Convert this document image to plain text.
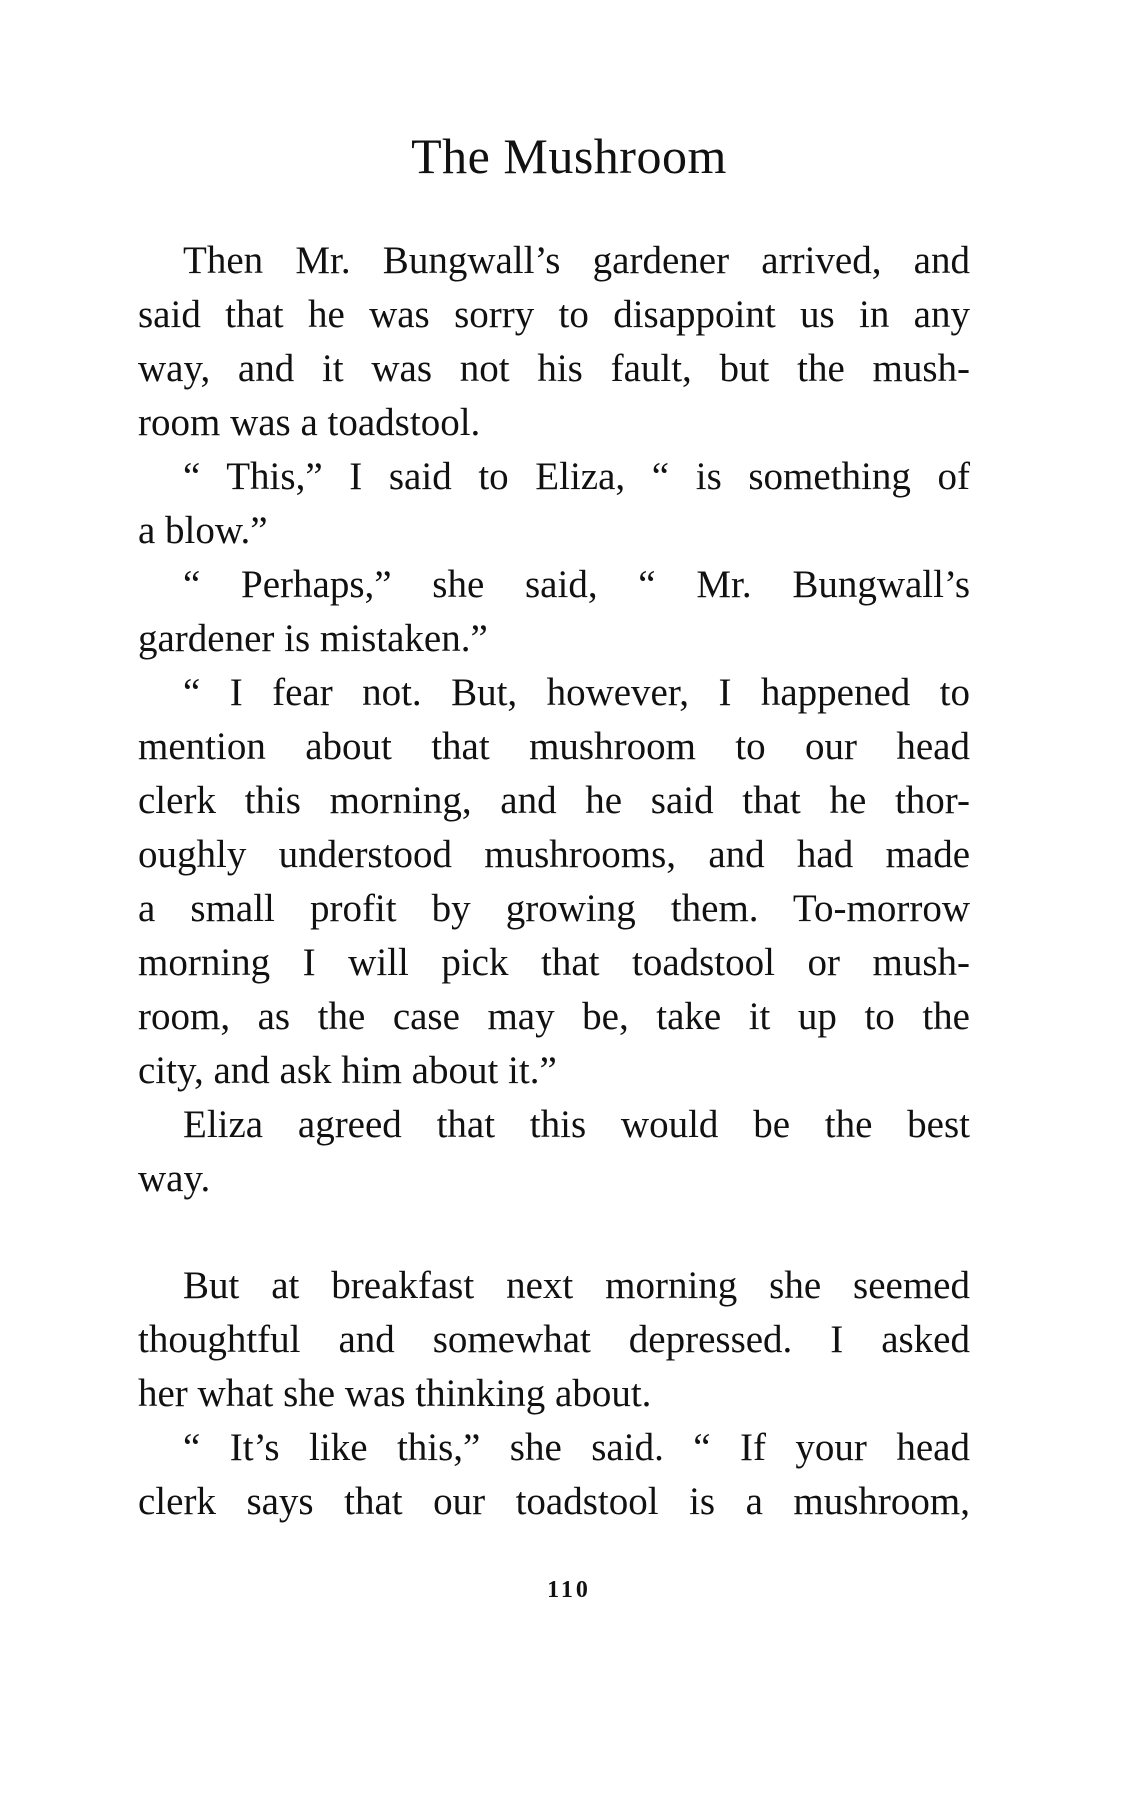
The Mushroom
Then Mr. Bungwall’s gardener arrived, and
said that he was sorry to disappoint us in any
way, and it was not his fault, but the mush-
room was a toadstool.
“ This,” I said to Eliza, “ is something of
a blow.”
“ Perhaps,” she said, “ Mr. Bungwall’s
gardener is mistaken.”
“ I fear not. But, however, I happened to
mention about that mushroom to our head
clerk this morning, and he said that he thor-
oughly understood mushrooms, and had made
a small profit by growing them. To-morrow
morning I will pick that toadstool or mush-
room, as the case may be, take it up to the
city, and ask him about it.”
Eliza agreed that this would be the best
way.
But at breakfast next morning she seemed
thoughtful and somewhat depressed. I asked
her what she was thinking about.
“ It’s like this,” she said. “ If your head
clerk says that our toadstool is a mushroom,
110
